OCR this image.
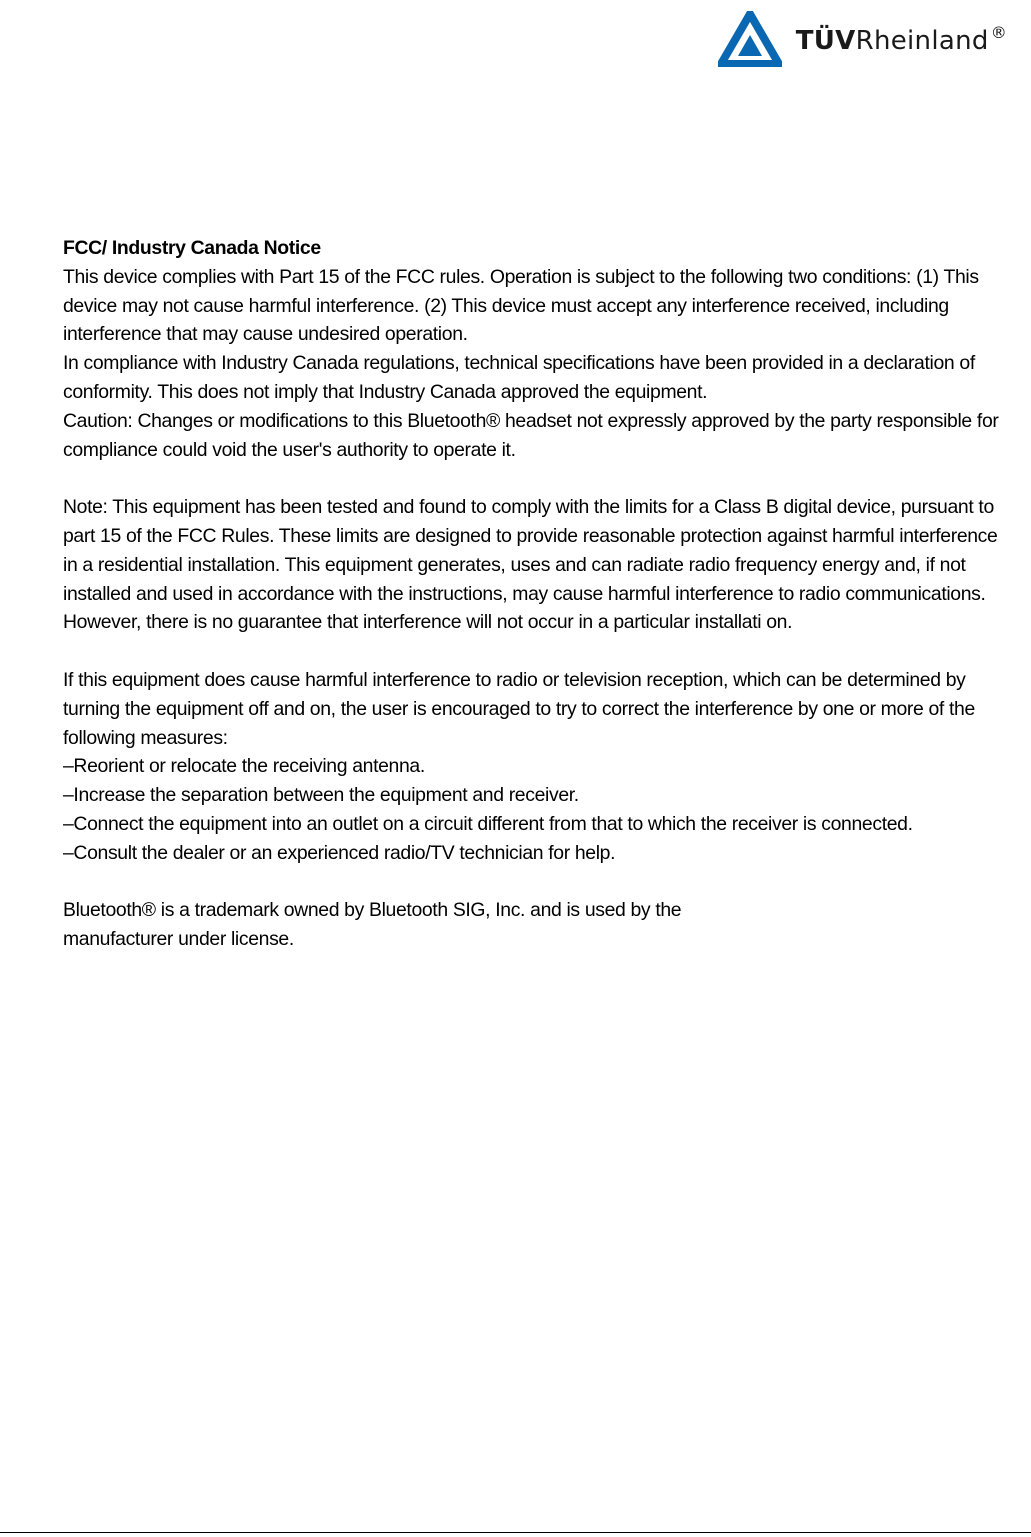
TÜVRheinland ®

FCC/ Industry Canada Notice

This device complies with Part 15 of the FCC rules. Operation is subject to the following two conditions: (1) This device may not cause harmful interference. (2) This device must accept any interference received, including interference that may cause undesired operation.

In compliance with Industry Canada regulations, technical specifications have been provided in a declaration of conformity. This does not imply that Industry Canada approved the equipment.

Caution: Changes or modifications to this Bluetooth® headset not expressly approved by the party responsible for compliance could void the user's authority to operate it.

Note: This equipment has been tested and found to comply with the limits for a Class B digital device, pursuant to part 15 of the FCC Rules. These limits are designed to provide reasonable protection against harmful interference in a residential installation. This equipment generates, uses and can radiate radio frequency energy and, if not installed and used in accordance with the instructions, may cause harmful interference to radio communications. However, there is no guarantee that interference will not occur in a particular installati on.

If this equipment does cause harmful interference to radio or television reception, which can be determined by turning the equipment off and on, the user is encouraged to try to correct the interference by one or more of the following measures:

–Reorient or relocate the receiving antenna.

–Increase the separation between the equipment and receiver.

–Connect the equipment into an outlet on a circuit different from that to which the receiver is connected.

–Consult the dealer or an experienced radio/TV technician for help.

Bluetooth® is a trademark owned by Bluetooth SIG, Inc. and is used by the

manufacturer under license.
